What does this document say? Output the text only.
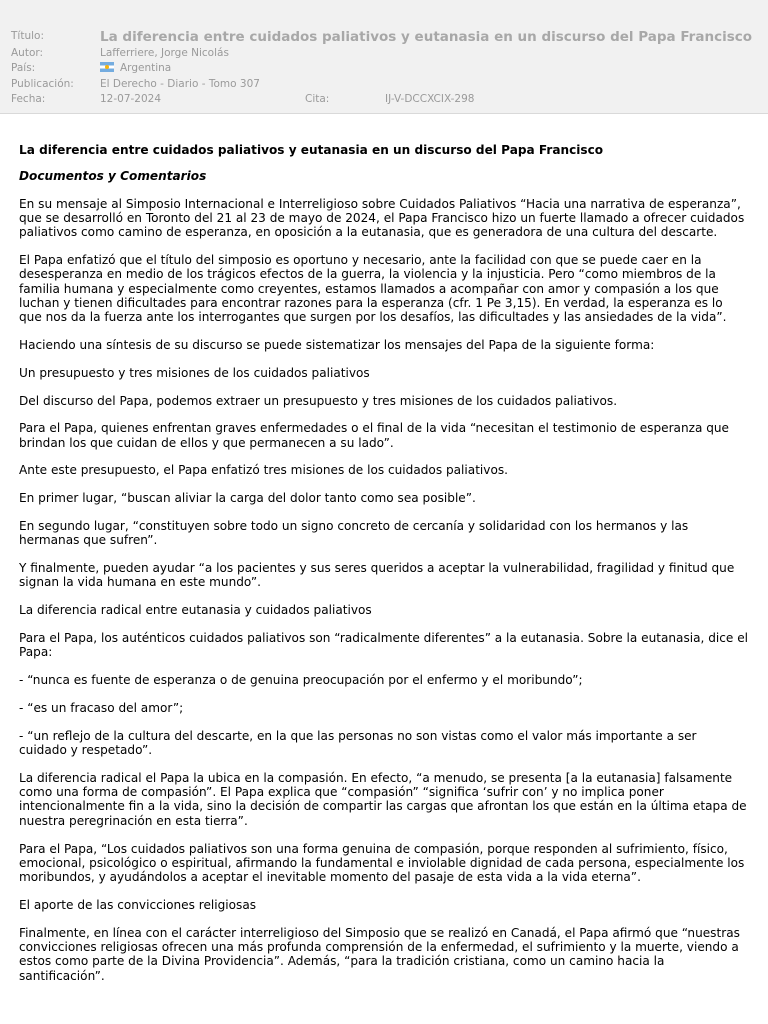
Título:	La diferencia entre cuidados paliativos y eutanasia en un discurso del Papa Francisco
Autor:	Lafferriere, Jorge Nicolás
País:	Argentina
Publicación: El Derecho - Diario - Tomo 307
Fecha:	12-07-2024	Cita:	IJ-V-DCCXCIX-298

La diferencia entre cuidados paliativos y eutanasia en un discurso del Papa Francisco

Documentos y Comentarios

En su mensaje al Simposio Internacional e Interreligioso sobre Cuidados Paliativos “Hacia una narrativa de esperanza”, que se desarrolló en Toronto del 21 al 23 de mayo de 2024, el Papa Francisco hizo un fuerte llamado a ofrecer cuidados paliativos como camino de esperanza, en oposición a la eutanasia, que es generadora de una cultura del descarte.

El Papa enfatizó que el título del simposio es oportuno y necesario, ante la facilidad con que se puede caer en la desesperanza en medio de los trágicos efectos de la guerra, la violencia y la injusticia. Pero “como miembros de la familia humana y especialmente como creyentes, estamos llamados a acompañar con amor y compasión a los que luchan y tienen dificultades para encontrar razones para la esperanza (cfr. 1 Pe 3,15). En verdad, la esperanza es lo que nos da la fuerza ante los interrogantes que surgen por los desafíos, las dificultades y las ansiedades de la vida”.

Haciendo una síntesis de su discurso se puede sistematizar los mensajes del Papa de la siguiente forma:

Un presupuesto y tres misiones de los cuidados paliativos

Del discurso del Papa, podemos extraer un presupuesto y tres misiones de los cuidados paliativos.

Para el Papa, quienes enfrentan graves enfermedades o el final de la vida “necesitan el testimonio de esperanza que brindan los que cuidan de ellos y que permanecen a su lado”.

Ante este presupuesto, el Papa enfatizó tres misiones de los cuidados paliativos.

En primer lugar, “buscan aliviar la carga del dolor tanto como sea posible”.

En segundo lugar, “constituyen sobre todo un signo concreto de cercanía y solidaridad con los hermanos y las hermanas que sufren”.

Y finalmente, pueden ayudar “a los pacientes y sus seres queridos a aceptar la vulnerabilidad, fragilidad y finitud que signan la vida humana en este mundo”.

La diferencia radical entre eutanasia y cuidados paliativos

Para el Papa, los auténticos cuidados paliativos son “radicalmente diferentes” a la eutanasia. Sobre la eutanasia, dice el Papa:

- “nunca es fuente de esperanza o de genuina preocupación por el enfermo y el moribundo”;

- “es un fracaso del amor”;

- “un reflejo de la cultura del descarte, en la que las personas no son vistas como el valor más importante a ser cuidado y respetado”.

La diferencia radical el Papa la ubica en la compasión. En efecto, “a menudo, se presenta [a la eutanasia] falsamente como una forma de compasión”. El Papa explica que “compasión” “significa ‘sufrir con’ y no implica poner intencionalmente fin a la vida, sino la decisión de compartir las cargas que afrontan los que están en la última etapa de nuestra peregrinación en esta tierra”.

Para el Papa, “Los cuidados paliativos son una forma genuina de compasión, porque responden al sufrimiento, físico, emocional, psicológico o espiritual, afirmando la fundamental e inviolable dignidad de cada persona, especialmente los moribundos, y ayudándolos a aceptar el inevitable momento del pasaje de esta vida a la vida eterna”.

El aporte de las convicciones religiosas

Finalmente, en línea con el carácter interreligioso del Simposio que se realizó en Canadá, el Papa afirmó que “nuestras convicciones religiosas ofrecen una más profunda comprensión de la enfermedad, el sufrimiento y la muerte, viendo a estos como parte de la Divina Providencia”. Además, “para la tradición cristiana, como un camino hacia la santificación”.
